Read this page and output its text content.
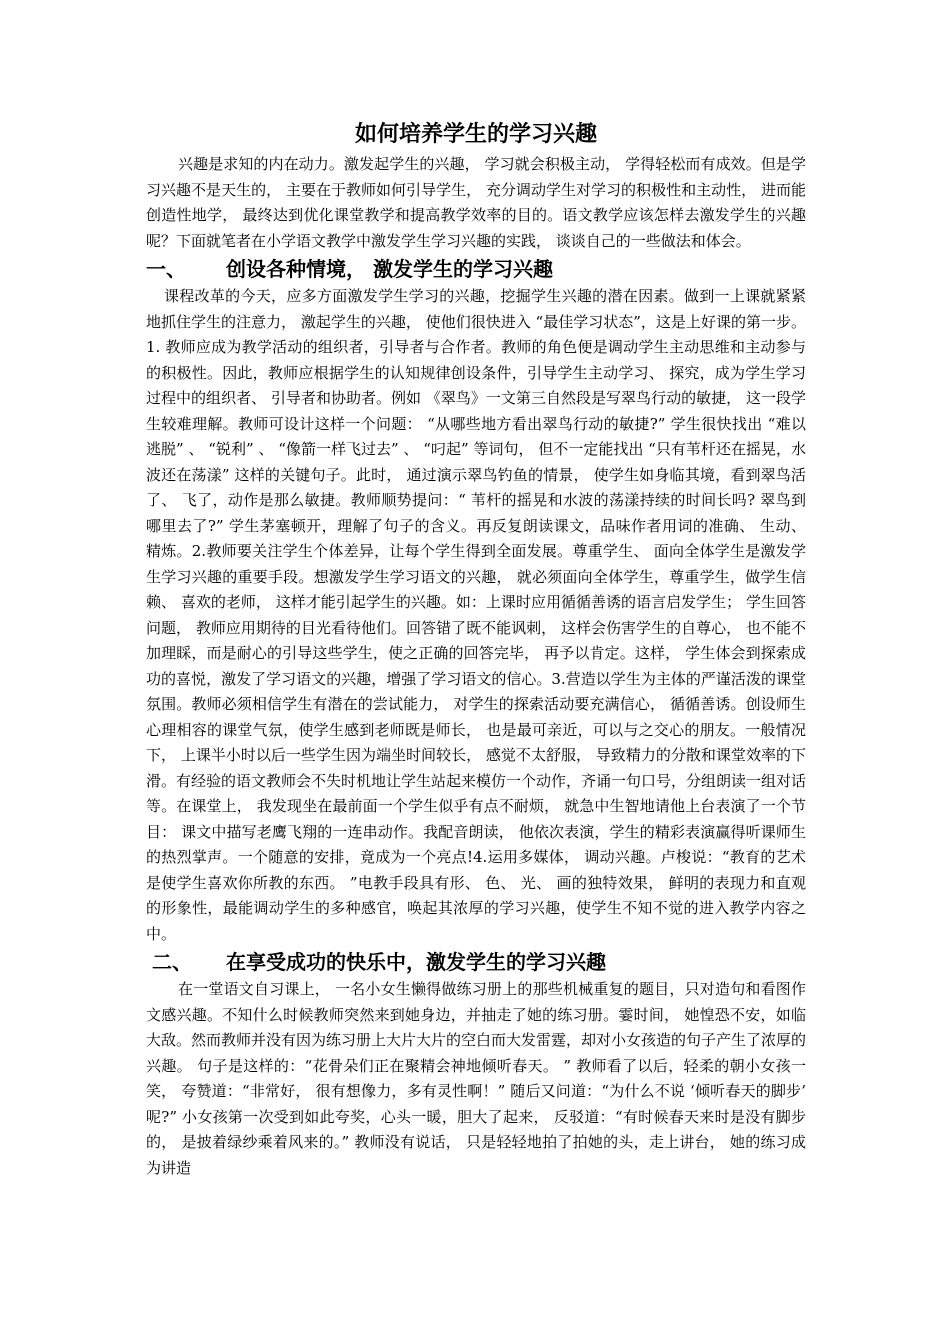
如何培养学生的学习兴趣

兴趣是求知的内在动力。激发起学生的兴趣， 学习就会积极主动， 学得轻松而有成效。但是学习兴趣不是天生的， 主要在于教师如何引导学生， 充分调动学生对学习的积极性和主动性， 进而能创造性地学， 最终达到优化课堂教学和提高教学效率的目的。语文教学应该怎样去激发学生的兴趣呢？下面就笔者在小学语文教学中激发学生学习兴趣的实践， 谈谈自己的一些做法和体会。

一、 创设各种情境， 激发学生的学习兴趣

课程改革的今天，应多方面激发学生学习的兴趣，挖掘学生兴趣的潜在因素。做到一上课就紧紧地抓住学生的注意力， 激起学生的兴趣， 使他们很快进入 “最佳学习状态”，这是上好课的第一步。1. 教师应成为教学活动的组织者，引导者与合作者。教师的角色便是调动学生主动思维和主动参与的积极性。因此，教师应根据学生的认知规律创设条件，引导学生主动学习、 探究，成为学生学习过程中的组织者、 引导者和协助者。例如 《翠鸟》一文第三自然段是写翠鸟行动的敏捷， 这一段学生较难理解。教师可设计这样一个问题： “从哪些地方看出翠鸟行动的敏捷?” 学生很快找出 “难以逃脱” 、 “锐利” 、 “像箭一样飞过去” 、 “叼起” 等词句， 但不一定能找出 “只有苇杆还在摇晃，水波还在荡漾” 这样的关键句子。此时， 通过演示翠鸟钓鱼的情景， 使学生如身临其境，看到翠鸟活了、 飞了，动作是那么敏捷。教师顺势提问：“ 苇杆的摇晃和水波的荡漾持续的时间长吗? 翠鸟到哪里去了?” 学生茅塞顿开，理解了句子的含义。再反复朗读课文，品味作者用词的准确、 生动、 精炼。2.教师要关注学生个体差异，让每个学生得到全面发展。尊重学生、 面向全体学生是激发学生学习兴趣的重要手段。想激发学生学习语文的兴趣， 就必须面向全体学生，尊重学生，做学生信赖、 喜欢的老师， 这样才能引起学生的兴趣。如：上课时应用循循善诱的语言启发学生； 学生回答问题， 教师应用期待的目光看待他们。回答错了既不能讽刺， 这样会伤害学生的自尊心， 也不能不加理睬，而是耐心的引导这些学生，使之正确的回答完毕， 再予以肯定。这样， 学生体会到探索成功的喜悦，激发了学习语文的兴趣，增强了学习语文的信心。3.营造以学生为主体的严谨活泼的课堂氛围。教师必须相信学生有潜在的尝试能力， 对学生的探索活动要充满信心， 循循善诱。创设师生心理相容的课堂气氛，使学生感到老师既是师长， 也是最可亲近，可以与之交心的朋友。一般情况下， 上课半小时以后一些学生因为端坐时间较长， 感觉不太舒服， 导致精力的分散和课堂效率的下滑。有经验的语文教师会不失时机地让学生站起来模仿一个动作，齐诵一句口号，分组朗读一组对话等。在课堂上， 我发现坐在最前面一个学生似乎有点不耐烦， 就急中生智地请他上台表演了一个节目： 课文中描写老鹰飞翔的一连串动作。我配音朗读， 他依次表演，学生的精彩表演赢得听课师生的热烈掌声。一个随意的安排，竟成为一个亮点!4.运用多媒体， 调动兴趣。卢梭说：“教育的艺术是使学生喜欢你所教的东西。 ”电教手段具有形、 色、 光、 画的独特效果， 鲜明的表现力和直观的形象性，最能调动学生的多种感官，唤起其浓厚的学习兴趣，使学生不知不觉的进入教学内容之中。

二、 在享受成功的快乐中，激发学生的学习兴趣

在一堂语文自习课上， 一名小女生懒得做练习册上的那些机械重复的题目，只对造句和看图作文感兴趣。不知什么时候教师突然来到她身边，并抽走了她的练习册。霎时间， 她惶恐不安，如临大敌。然而教师并没有因为练习册上大片大片的空白而大发雷霆，却对小女孩造的句子产生了浓厚的兴趣。 句子是这样的：“花骨朵们正在聚精会神地倾听春天。 ” 教师看了以后，轻柔的朝小女孩一笑， 夸赞道：“非常好， 很有想像力，多有灵性啊！” 随后又问道：“为什么不说 ‘倾听春天的脚步’ 呢?” 小女孩第一次受到如此夸奖，心头一暖，胆大了起来， 反驳道：“有时候春天来时是没有脚步的， 是披着绿纱乘着风来的。” 教师没有说话， 只是轻轻地拍了拍她的头，走上讲台， 她的练习成为讲造
